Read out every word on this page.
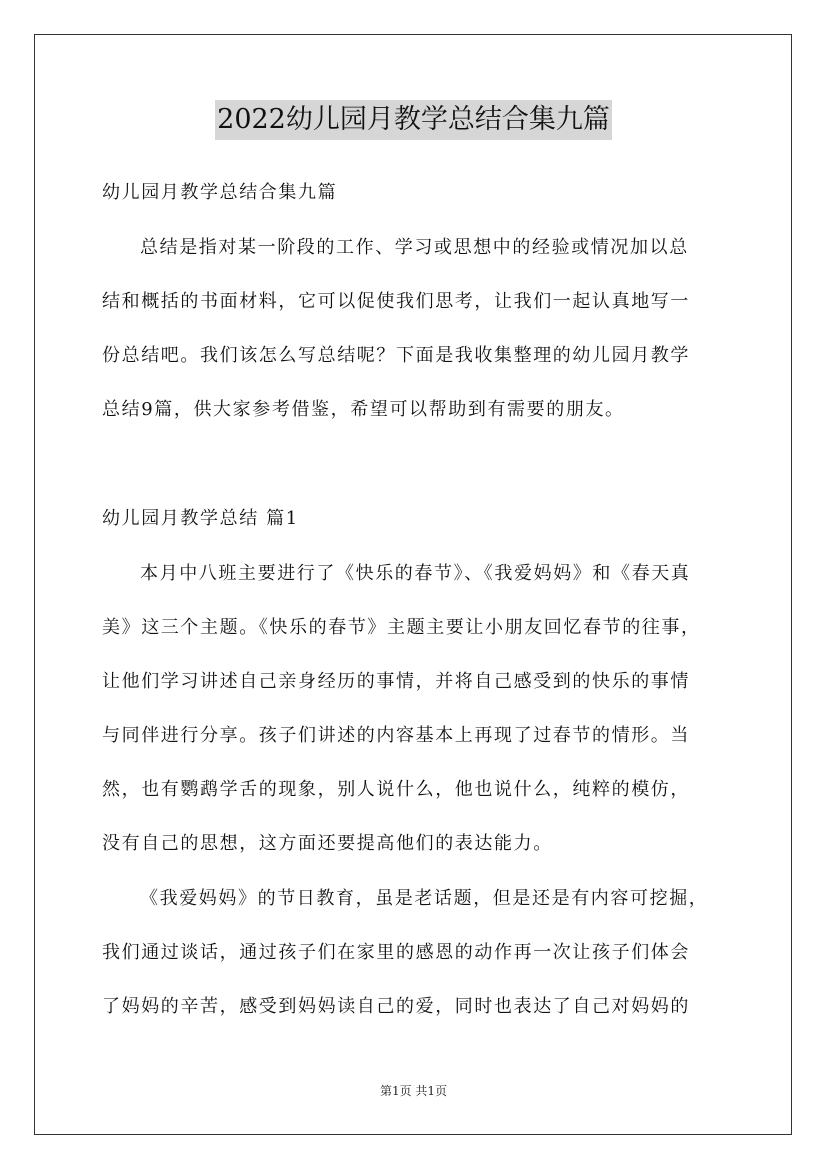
2022幼儿园月教学总结合集九篇
幼儿园月教学总结合集九篇
总结是指对某一阶段的工作、学习或思想中的经验或情况加以总
结和概括的书面材料，它可以促使我们思考，让我们一起认真地写一
份总结吧。我们该怎么写总结呢？下面是我收集整理的幼儿园月教学
总结9篇，供大家参考借鉴，希望可以帮助到有需要的朋友。
幼儿园月教学总结 篇1
本月中八班主要进行了《快乐的春节》、《我爱妈妈》和《春天真
美》这三个主题。《快乐的春节》主题主要让小朋友回忆春节的往事，
让他们学习讲述自己亲身经历的事情，并将自己感受到的快乐的事情
与同伴进行分享。孩子们讲述的内容基本上再现了过春节的情形。当
然，也有鹦鹉学舌的现象，别人说什么，他也说什么，纯粹的模仿，
没有自己的思想，这方面还要提高他们的表达能力。
《我爱妈妈》的节日教育，虽是老话题，但是还是有内容可挖掘，
我们通过谈话，通过孩子们在家里的感恩的动作再一次让孩子们体会
了妈妈的辛苦，感受到妈妈读自己的爱，同时也表达了自己对妈妈的
第1页 共1页
